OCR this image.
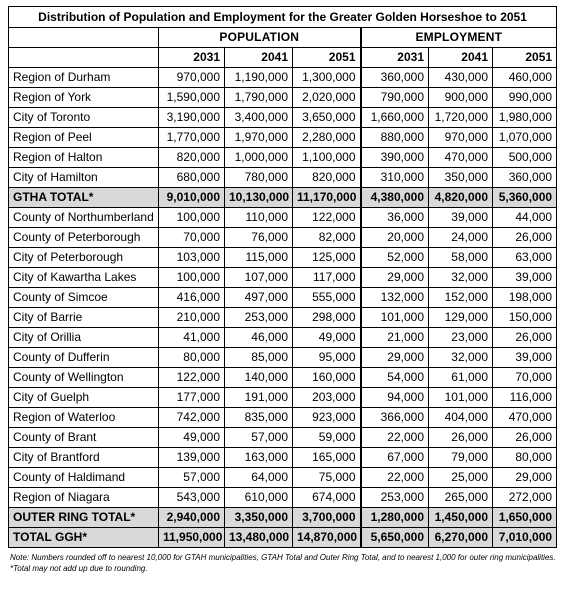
Distribution of Population and Employment for the Greater Golden Horseshoe to 2051						
	POPULATION			EMPLOYMENT		
	2031	2041	2051	2031	2041	2051
Region of Durham	970,000	1,190,000	1,300,000	360,000	430,000	460,000
Region of York	1,590,000	1,790,000	2,020,000	790,000	900,000	990,000
City of Toronto	3,190,000	3,400,000	3,650,000	1,660,000	1,720,000	1,980,000
Region of Peel	1,770,000	1,970,000	2,280,000	880,000	970,000	1,070,000
Region of Halton	820,000	1,000,000	1,100,000	390,000	470,000	500,000
City of Hamilton	680,000	780,000	820,000	310,000	350,000	360,000
GTHA TOTAL*	9,010,000	10,130,000	11,170,000	4,380,000	4,820,000	5,360,000
County of Northumberland	100,000	110,000	122,000	36,000	39,000	44,000
County of Peterborough	70,000	76,000	82,000	20,000	24,000	26,000
City of Peterborough	103,000	115,000	125,000	52,000	58,000	63,000
City of Kawartha Lakes	100,000	107,000	117,000	29,000	32,000	39,000
County of Simcoe	416,000	497,000	555,000	132,000	152,000	198,000
City of Barrie	210,000	253,000	298,000	101,000	129,000	150,000
City of Orillia	41,000	46,000	49,000	21,000	23,000	26,000
County of Dufferin	80,000	85,000	95,000	29,000	32,000	39,000
County of Wellington	122,000	140,000	160,000	54,000	61,000	70,000
City of Guelph	177,000	191,000	203,000	94,000	101,000	116,000
Region of Waterloo	742,000	835,000	923,000	366,000	404,000	470,000
County of Brant	49,000	57,000	59,000	22,000	26,000	26,000
City of Brantford	139,000	163,000	165,000	67,000	79,000	80,000
County of Haldimand	57,000	64,000	75,000	22,000	25,000	29,000
Region of Niagara	543,000	610,000	674,000	253,000	265,000	272,000
OUTER RING TOTAL*	2,940,000	3,350,000	3,700,000	1,280,000	1,450,000	1,650,000
TOTAL GGH*	11,950,000	13,480,000	14,870,000	5,650,000	6,270,000	7,010,000
Note: Numbers rounded off to nearest 10,000 for GTAH municipalities, GTAH Total and Outer Ring Total, and to nearest 1,000 for outer ring municipalities.
*Total may not add up due to rounding.
